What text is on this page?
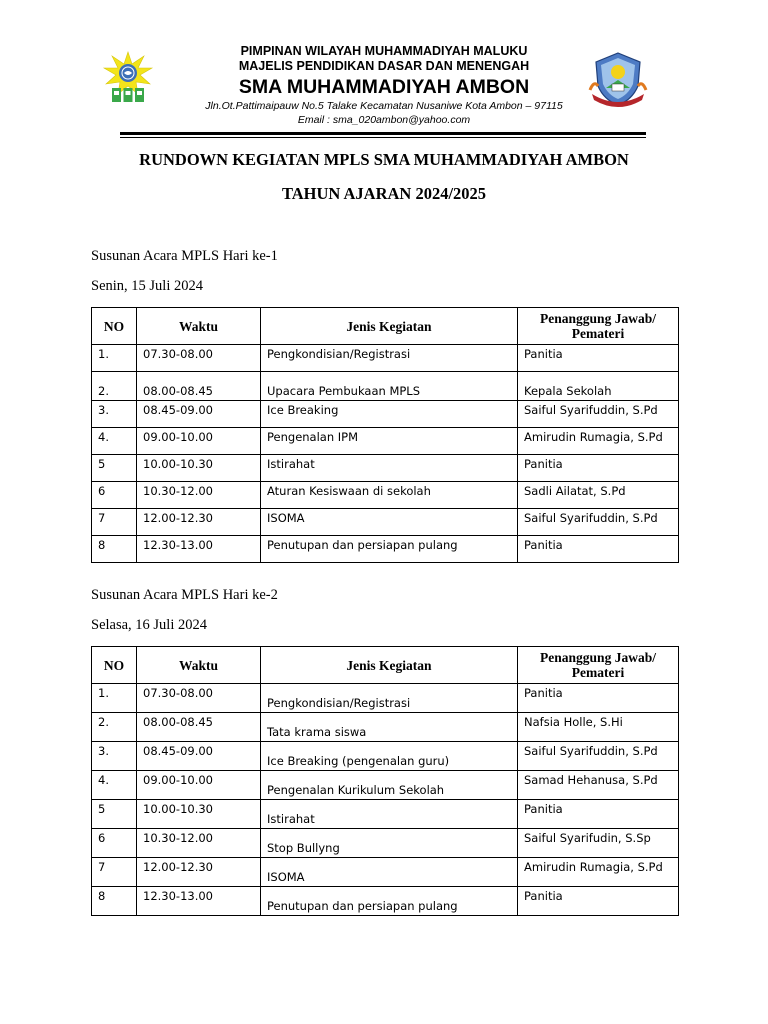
PIMPINAN WILAYAH MUHAMMADIYAH MALUKU
MAJELIS PENDIDIKAN DASAR DAN MENENGAH
SMA MUHAMMADIYAH AMBON
Jln.Ot.Pattimaipauw No.5 Talake Kecamatan Nusaniwe Kota Ambon – 97115
Email : sma_020ambon@yahoo.com
RUNDOWN KEGIATAN MPLS SMA MUHAMMADIYAH AMBON
TAHUN AJARAN 2024/2025
Susunan Acara MPLS Hari ke-1
Senin, 15 Juli 2024
NO	Waktu	Jenis Kegiatan	Penanggung Jawab/
Pemateri
1.	07.30-08.00	Pengkondisian/Registrasi	Panitia
2.	08.00-08.45	Upacara Pembukaan MPLS	Kepala Sekolah
3.	08.45-09.00	Ice Breaking	Saiful Syarifuddin, S.Pd
4.	09.00-10.00	Pengenalan IPM	Amirudin Rumagia, S.Pd
5	10.00-10.30	Istirahat	Panitia
6	10.30-12.00	Aturan Kesiswaan di sekolah	Sadli Ailatat, S.Pd
7	12.00-12.30	ISOMA	Saiful Syarifuddin, S.Pd
8	12.30-13.00	Penutupan dan persiapan pulang	Panitia
Susunan Acara MPLS Hari ke-2
Selasa, 16 Juli 2024
NO	Waktu	Jenis Kegiatan	Penanggung Jawab/
Pemateri
1.	07.30-08.00	Pengkondisian/Registrasi	Panitia
2.	08.00-08.45	Tata krama siswa	Nafsia Holle, S.Hi
3.	08.45-09.00	Ice Breaking (pengenalan guru)	Saiful Syarifuddin, S.Pd
4.	09.00-10.00	Pengenalan Kurikulum Sekolah	Samad Hehanusa, S.Pd
5	10.00-10.30	Istirahat	Panitia
6	10.30-12.00	Stop Bullyng	Saiful Syarifudin, S.Sp
7	12.00-12.30	ISOMA	Amirudin Rumagia, S.Pd
8	12.30-13.00	Penutupan dan persiapan pulang	Panitia
